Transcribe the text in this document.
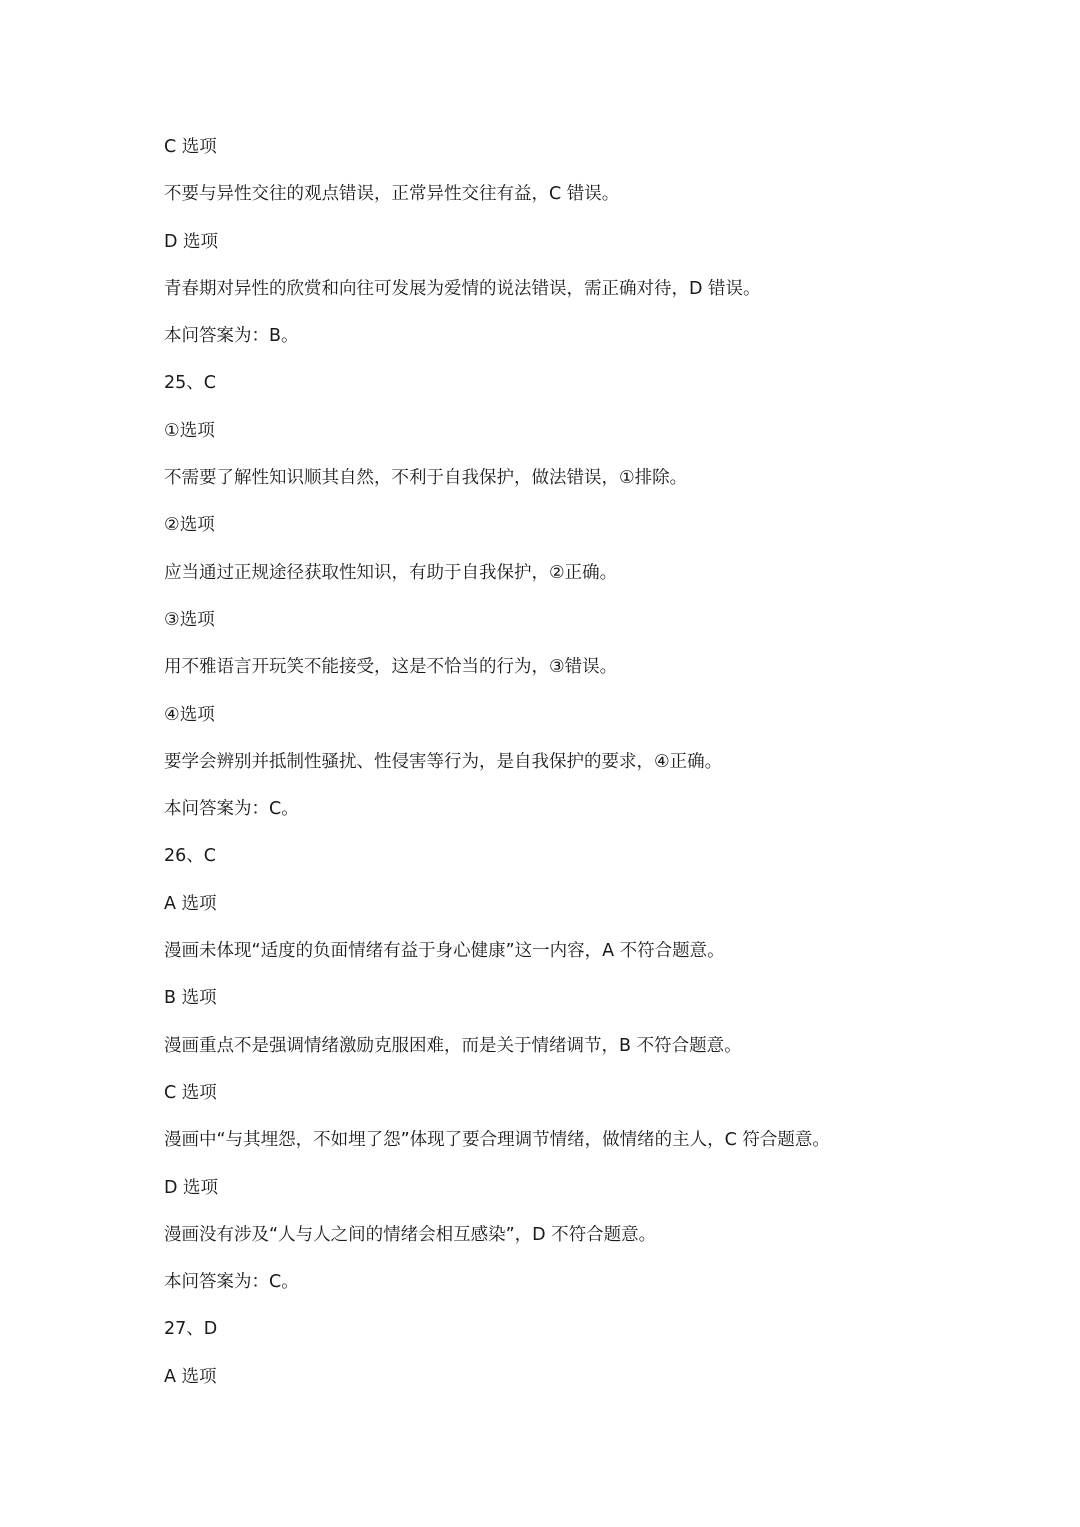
C 选项

不要与异性交往的观点错误，正常异性交往有益，C 错误。

D 选项

青春期对异性的欣赏和向往可发展为爱情的说法错误，需正确对待，D 错误。

本问答案为：B。

25、C

①选项

不需要了解性知识顺其自然，不利于自我保护，做法错误，①排除。

②选项

应当通过正规途径获取性知识，有助于自我保护，②正确。

③选项

用不雅语言开玩笑不能接受，这是不恰当的行为，③错误。

④选项

要学会辨别并抵制性骚扰、性侵害等行为，是自我保护的要求，④正确。

本问答案为：C。

26、C

A 选项

漫画未体现“适度的负面情绪有益于身心健康”这一内容，A 不符合题意。

B 选项

漫画重点不是强调情绪激励克服困难，而是关于情绪调节，B 不符合题意。

C 选项

漫画中“与其埋怨，不如埋了怨”体现了要合理调节情绪，做情绪的主人，C 符合题意。

D 选项

漫画没有涉及“人与人之间的情绪会相互感染”，D 不符合题意。

本问答案为：C。

27、D

A 选项
